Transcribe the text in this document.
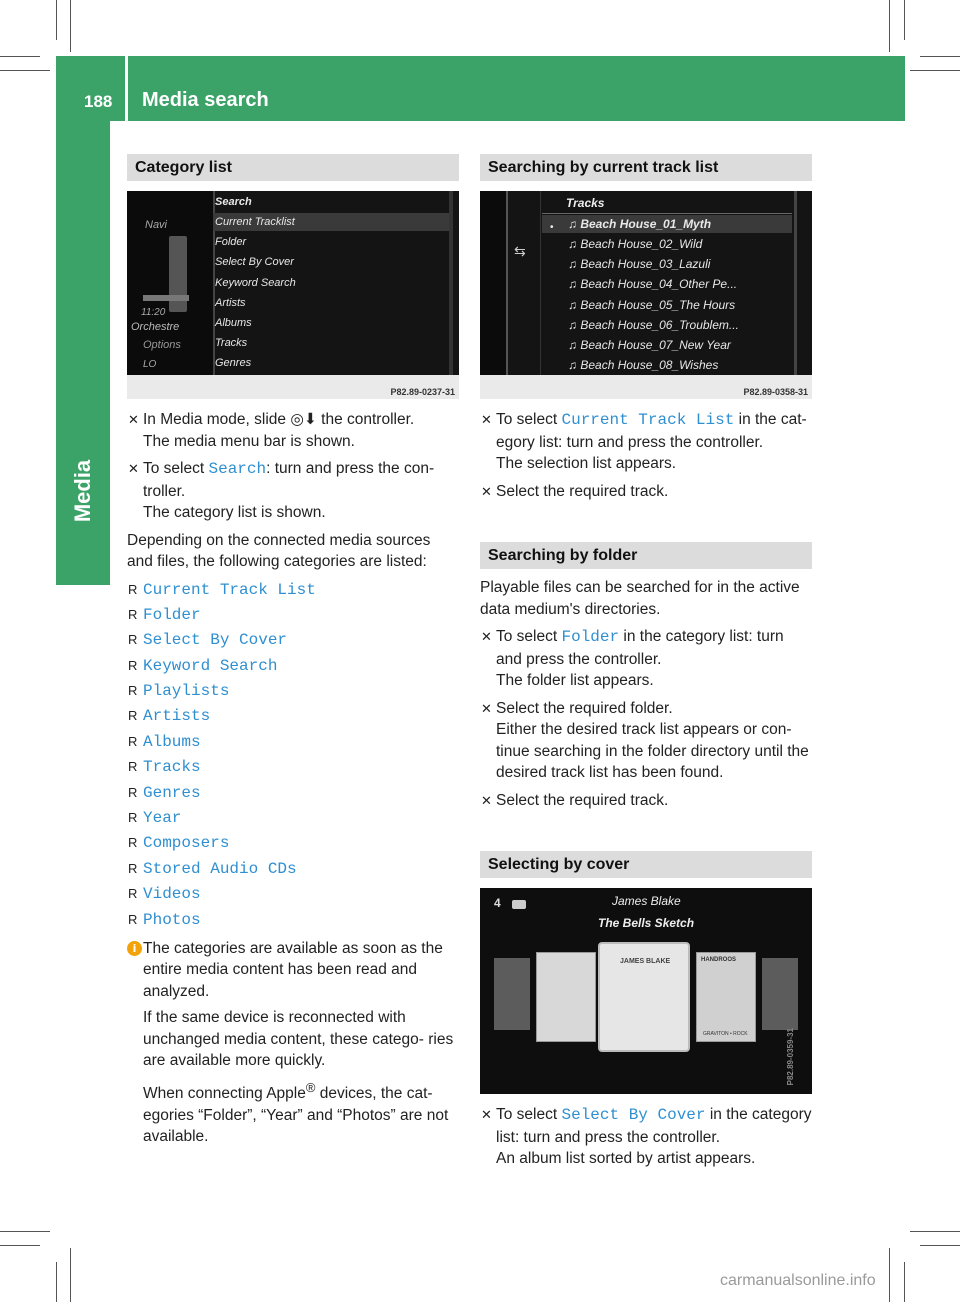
188 Media search
Media
Category list
Navi
11:20
Orchestre
Options
LO
Search
Current Tracklist
Folder
Select By Cover
Keyword Search
Artists
Albums
Tracks
Genres
P82.89-0237-31
✕ In Media mode, slide ◎⬇ the controller.
The media menu bar is shown.
✕ To select Search: turn and press the con-
troller.
The category list is shown.

Depending on the connected media sources and files, the following categories are listed:

R Current Track List
R Folder
R Select By Cover
R Keyword Search
R Playlists
R Artists
R Albums
R Tracks
R Genres
R Year
R Composers
R Stored Audio CDs
R Videos
R Photos
i The categories are available as soon as the entire media content has been read and analyzed.

If the same device is reconnected with unchanged media content, these catego- ries are available more quickly.

When connecting Apple® devices, the cat- egories “Folder”, “Year” and “Photos” are not available.

Searching by current track list
⇆
Tracks
• ♫ Beach House_01_Myth
♫ Beach House_02_Wild
♫ Beach House_03_Lazuli
♫ Beach House_04_Other Pe...
♫ Beach House_05_The Hours
♫ Beach House_06_Troublem...
♫ Beach House_07_New Year
♫ Beach House_08_Wishes
P82.89-0358-31
✕ To select Current Track List in the cat- egory list: turn and press the controller.
The selection list appears.
✕ Select the required track.
Searching by folder

Playable files can be searched for in the active data medium's directories.

✕ To select Folder in the category list: turn and press the controller.
The folder list appears.
✕ Select the required folder.
Either the desired track list appears or con- tinue searching in the folder directory until the desired track list has been found.
✕ Select the required track.
Selecting by cover
4	James Blake
The Bells Sketch
JAMES BLAKE	HANDROOS
GRAVITON • ROCK	P82.89-0359-31
✕ To select Select By Cover in the category list: turn and press the controller.
An album list sorted by artist appears.
carmanualsonline.info
